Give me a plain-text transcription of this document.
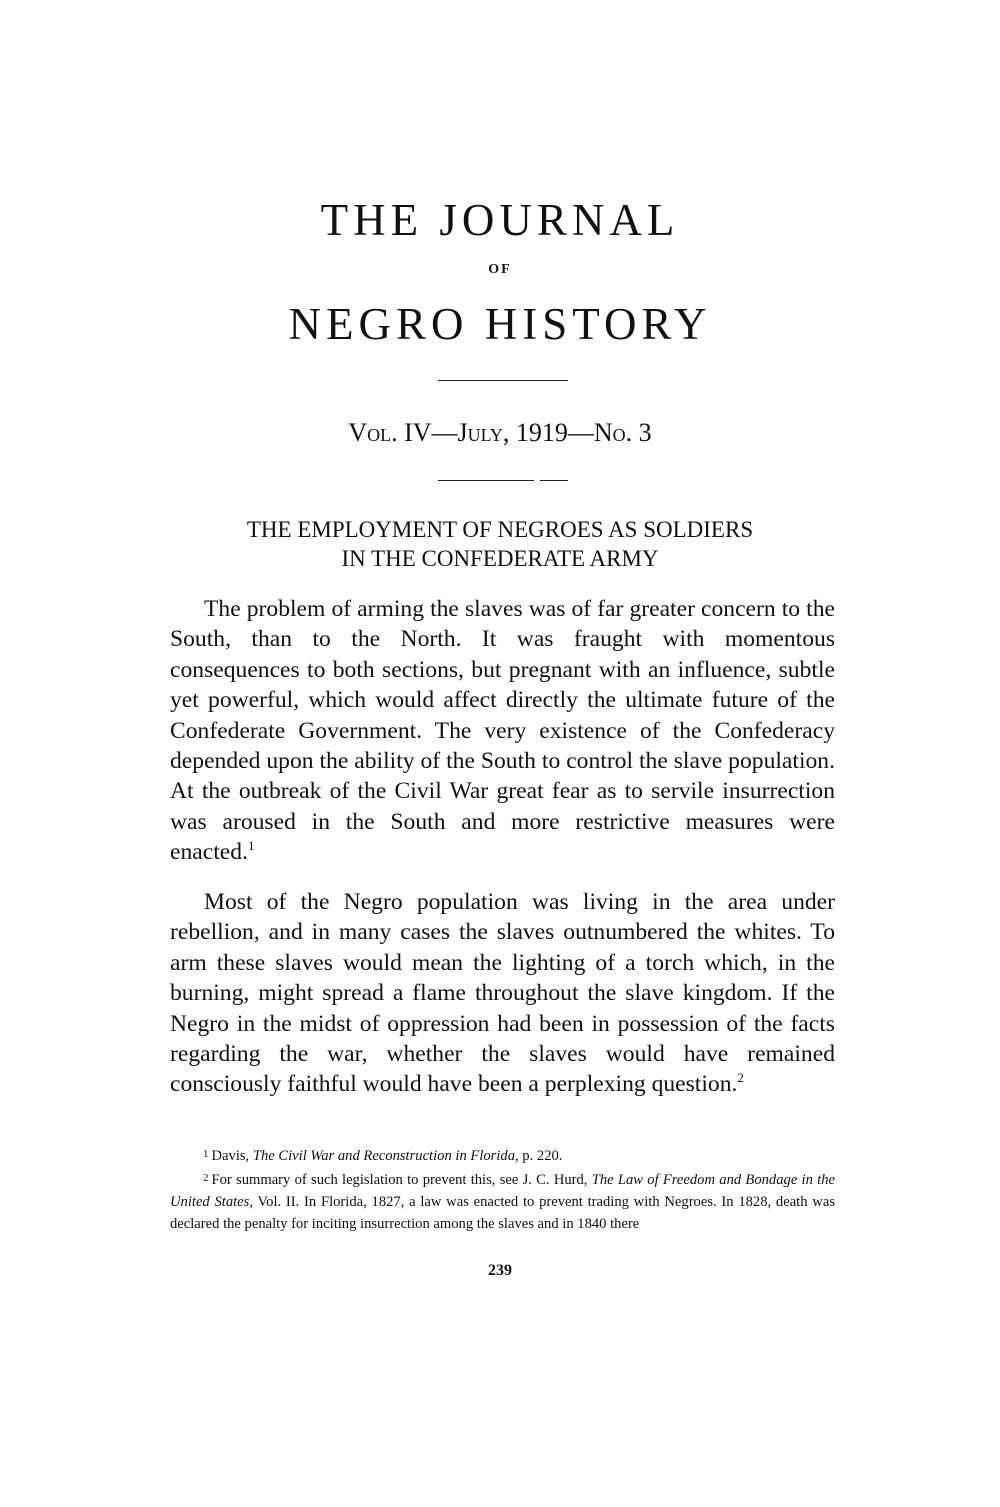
THE JOURNAL

OF

NEGRO HISTORY

Vol. IV—July, 1919—No. 3

THE EMPLOYMENT OF NEGROES AS SOLDIERS
IN THE CONFEDERATE ARMY

The problem of arming the slaves was of far greater concern to the South, than to the North. It was fraught with momentous consequences to both sections, but pregnant with an influence, subtle yet powerful, which would affect directly the ultimate future of the Confederate Government. The very existence of the Confederacy depended upon the ability of the South to control the slave population. At the outbreak of the Civil War great fear as to servile insurrection was aroused in the South and more restrictive measures were enacted.$^1$

Most of the Negro population was living in the area under rebellion, and in many cases the slaves outnumbered the whites. To arm these slaves would mean the lighting of a torch which, in the burning, might spread a flame throughout the slave kingdom. If the Negro in the midst of oppression had been in possession of the facts regarding the war, whether the slaves would have remained consciously faithful would have been a perplexing question.$^2$

$^1$ Davis, The Civil War and Reconstruction in Florida, p. 220.

$^2$ For summary of such legislation to prevent this, see J. C. Hurd, The Law of Freedom and Bondage in the United States, Vol. II. In Florida, 1827, a law was enacted to prevent trading with Negroes. In 1828, death was declared the penalty for inciting insurrection among the slaves and in 1840 there

239
